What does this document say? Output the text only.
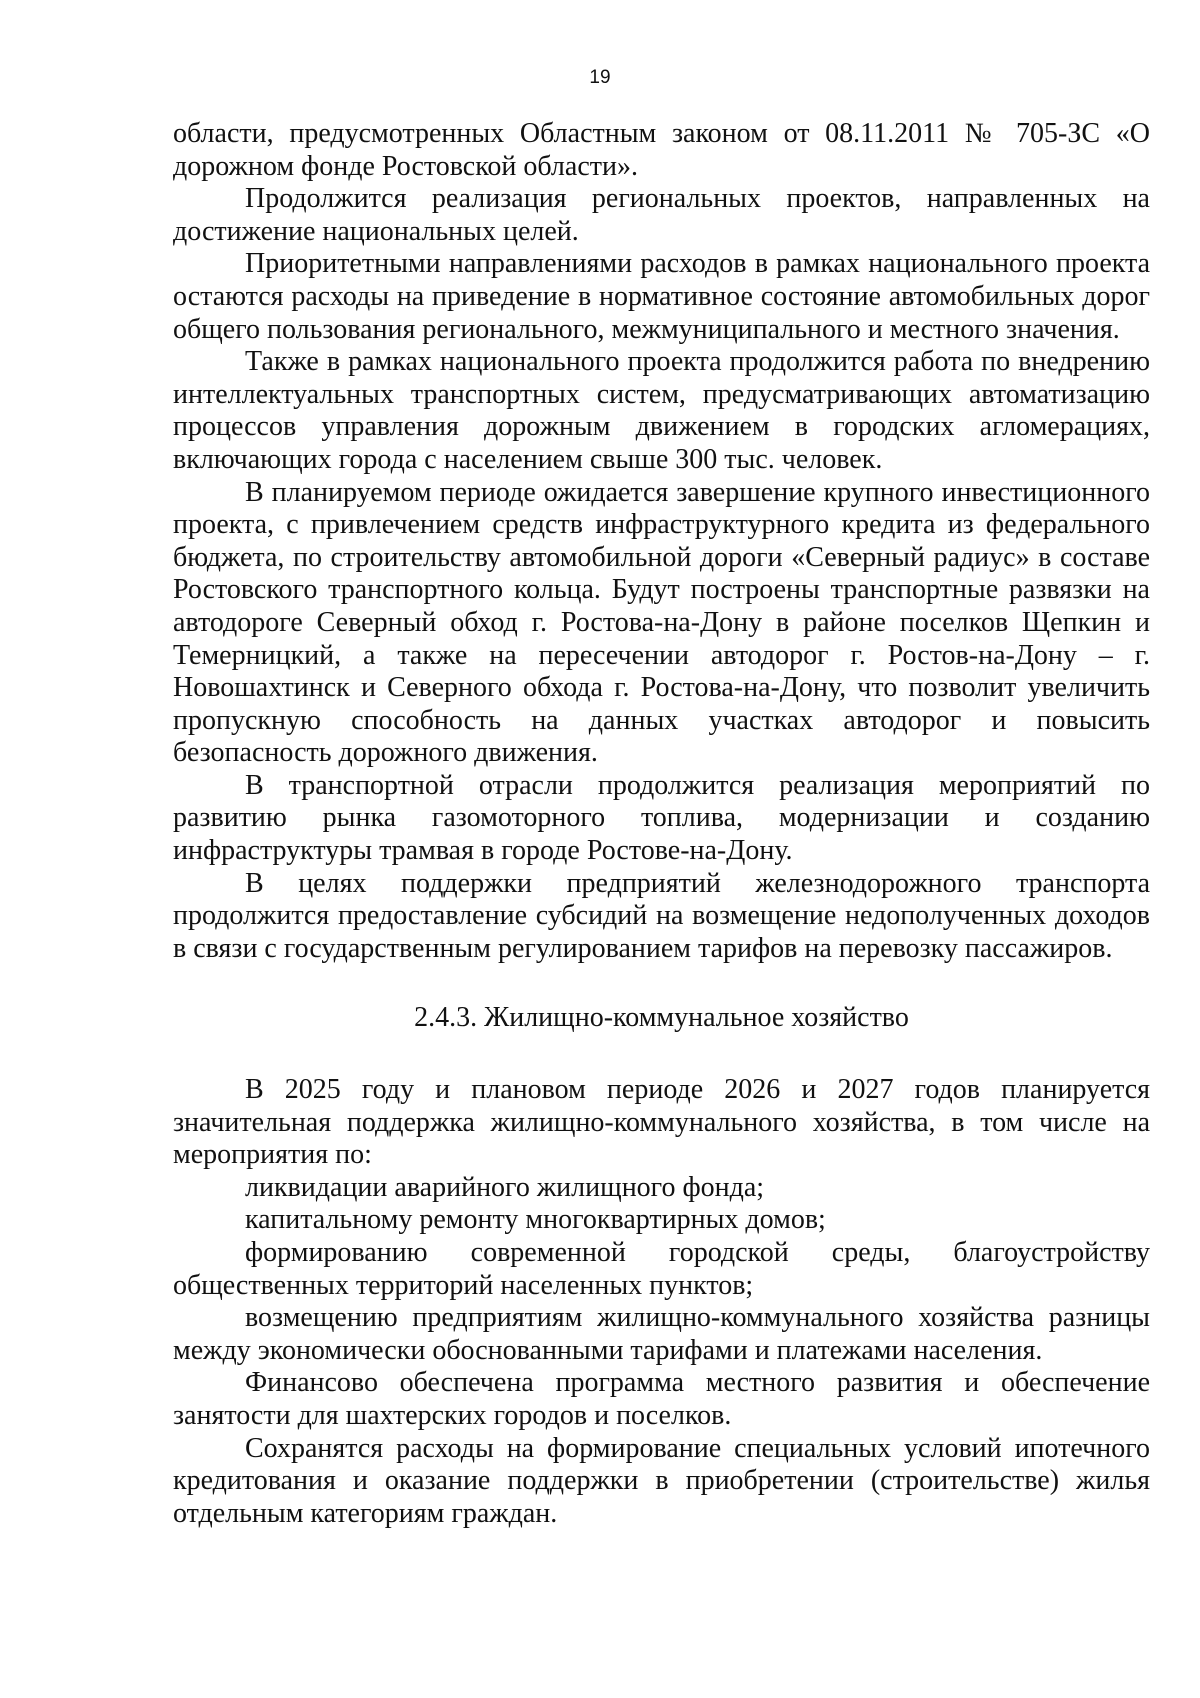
19

области, предусмотренных Областным законом от 08.11.2011 № 705-ЗС «О дорожном фонде Ростовской области».

Продолжится реализация региональных проектов, направленных на достижение национальных целей.

Приоритетными направлениями расходов в рамках национального проекта остаются расходы на приведение в нормативное состояние автомобильных дорог общего пользования регионального, межмуниципального и местного значения.

Также в рамках национального проекта продолжится работа по внедрению интеллектуальных транспортных систем, предусматривающих автоматизацию процессов управления дорожным движением в городских агломерациях, включающих города с населением свыше 300 тыс. человек.

В планируемом периоде ожидается завершение крупного инвестиционного проекта, с привлечением средств инфраструктурного кредита из федерального бюджета, по строительству автомобильной дороги «Северный радиус» в составе Ростовского транспортного кольца. Будут построены транспортные развязки на автодороге Северный обход г. Ростова-на-Дону в районе поселков Щепкин и Темерницкий, а также на пересечении автодорог г. Ростов-на-Дону – г. Новошахтинск и Северного обхода г. Ростова-на-Дону, что позволит увеличить пропускную способность на данных участках автодорог и повысить безопасность дорожного движения.

В транспортной отрасли продолжится реализация мероприятий по развитию рынка газомоторного топлива, модернизации и созданию инфраструктуры трамвая в городе Ростове-на-Дону.

В целях поддержки предприятий железнодорожного транспорта продолжится предоставление субсидий на возмещение недополученных доходов в связи с государственным регулированием тарифов на перевозку пассажиров.

2.4.3. Жилищно-коммунальное хозяйство

В 2025 году и плановом периоде 2026 и 2027 годов планируется значительная поддержка жилищно-коммунального хозяйства, в том числе на мероприятия по:

ликвидации аварийного жилищного фонда;

капитальному ремонту многоквартирных домов;

формированию современной городской среды, благоустройству общественных территорий населенных пунктов;

возмещению предприятиям жилищно-коммунального хозяйства разницы между экономически обоснованными тарифами и платежами населения.

Финансово обеспечена программа местного развития и обеспечение занятости для шахтерских городов и поселков.

Сохранятся расходы на формирование специальных условий ипотечного кредитования и оказание поддержки в приобретении (строительстве) жилья отдельным категориям граждан.
